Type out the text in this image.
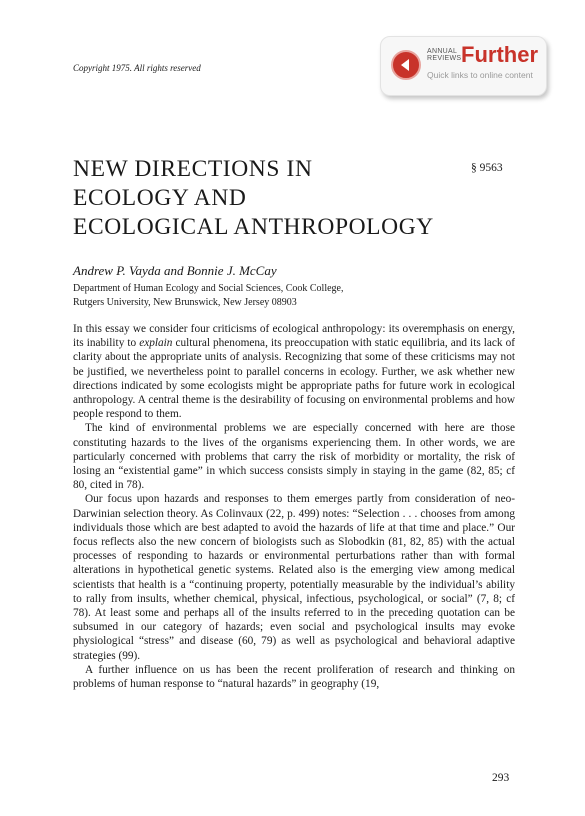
Copyright 1975. All rights reserved
ANNUAL
REVIEWS Further
Quick links to online content
NEW DIRECTIONS IN
ECOLOGY AND
ECOLOGICAL ANTHROPOLOGY
§ 9563
Andrew P. Vayda and Bonnie J. McCay
Department of Human Ecology and Social Sciences, Cook College,
Rutgers University, New Brunswick, New Jersey 08903

In this essay we consider four criticisms of ecological anthropology: its overemphasis on energy, its inability to explain cultural phenomena, its preoccupation with static equilibria, and its lack of clarity about the appropriate units of analysis. Recognizing that some of these criticisms may not be justified, we nevertheless point to parallel concerns in ecology. Further, we ask whether new directions indicated by some ecologists might be appropriate paths for future work in ecological anthropology. A central theme is the desirability of focusing on environmental problems and how people respond to them.

The kind of environmental problems we are especially concerned with here are those constituting hazards to the lives of the organisms experiencing them. In other words, we are particularly concerned with problems that carry the risk of morbidity or mortality, the risk of losing an “existential game” in which success consists simply in staying in the game (82, 85; cf 80, cited in 78).

Our focus upon hazards and responses to them emerges partly from consideration of neo-Darwinian selection theory. As Colinvaux (22, p. 499) notes: “Selection . . . chooses from among individuals those which are best adapted to avoid the hazards of life at that time and place.” Our focus reflects also the new concern of biologists such as Slobodkin (81, 82, 85) with the actual processes of responding to hazards or environmental perturbations rather than with formal alterations in hypothetical genetic systems. Related also is the emerging view among medical scientists that health is a “continuing property, potentially measurable by the individual’s ability to rally from insults, whether chemical, physical, infectious, psychological, or social” (7, 8; cf 78). At least some and perhaps all of the insults referred to in the preceding quotation can be subsumed in our category of hazards; even social and psychological insults may evoke physiological “stress” and disease (60, 79) as well as psychological and behavioral adaptive strategies (99).

A further influence on us has been the recent proliferation of research and thinking on problems of human response to “natural hazards” in geography (19,

293
